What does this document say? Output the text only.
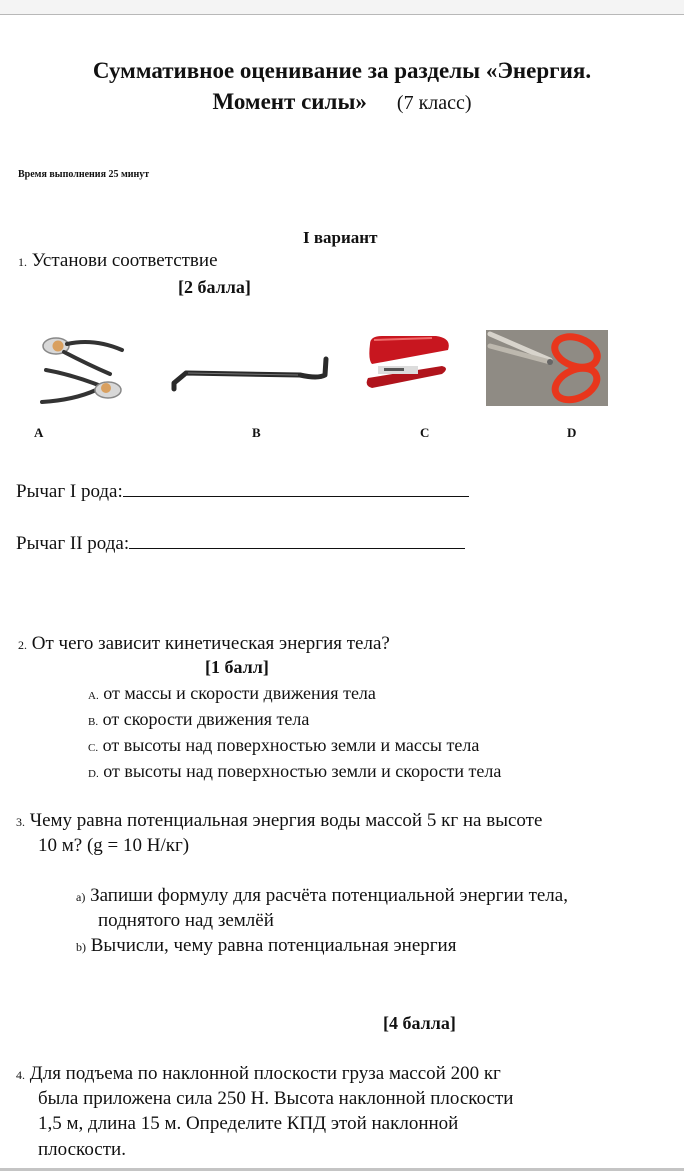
Суммативное оценивание за разделы «Энергия.
Момент силы» (7 класс)
Время выполнения 25 минут
I вариант
1. Установи соответствие
[2 балла]
A	B	C	D
Рычаг I рода:
Рычаг II рода:
2. От чего зависит кинетическая энергия тела?
[1 балл]
A. от массы и скорости движения тела
B. от скорости движения тела
C. от высоты над поверхностью земли и массы тела
D. от высоты над поверхностью земли и скорости тела
3. Чему равна потенциальная энергия воды массой 5 кг на высоте
10 м? (g = 10 Н/кг)
a) Запиши формулу для расчёта потенциальной энергии тела,
поднятого над землёй
b) Вычисли, чему равна потенциальная энергия
[4 балла]
4. Для подъема по наклонной плоскости груза массой 200 кг
была приложена сила 250 Н. Высота наклонной плоскости
1,5 м, длина 15 м. Определите КПД этой наклонной
плоскости.
